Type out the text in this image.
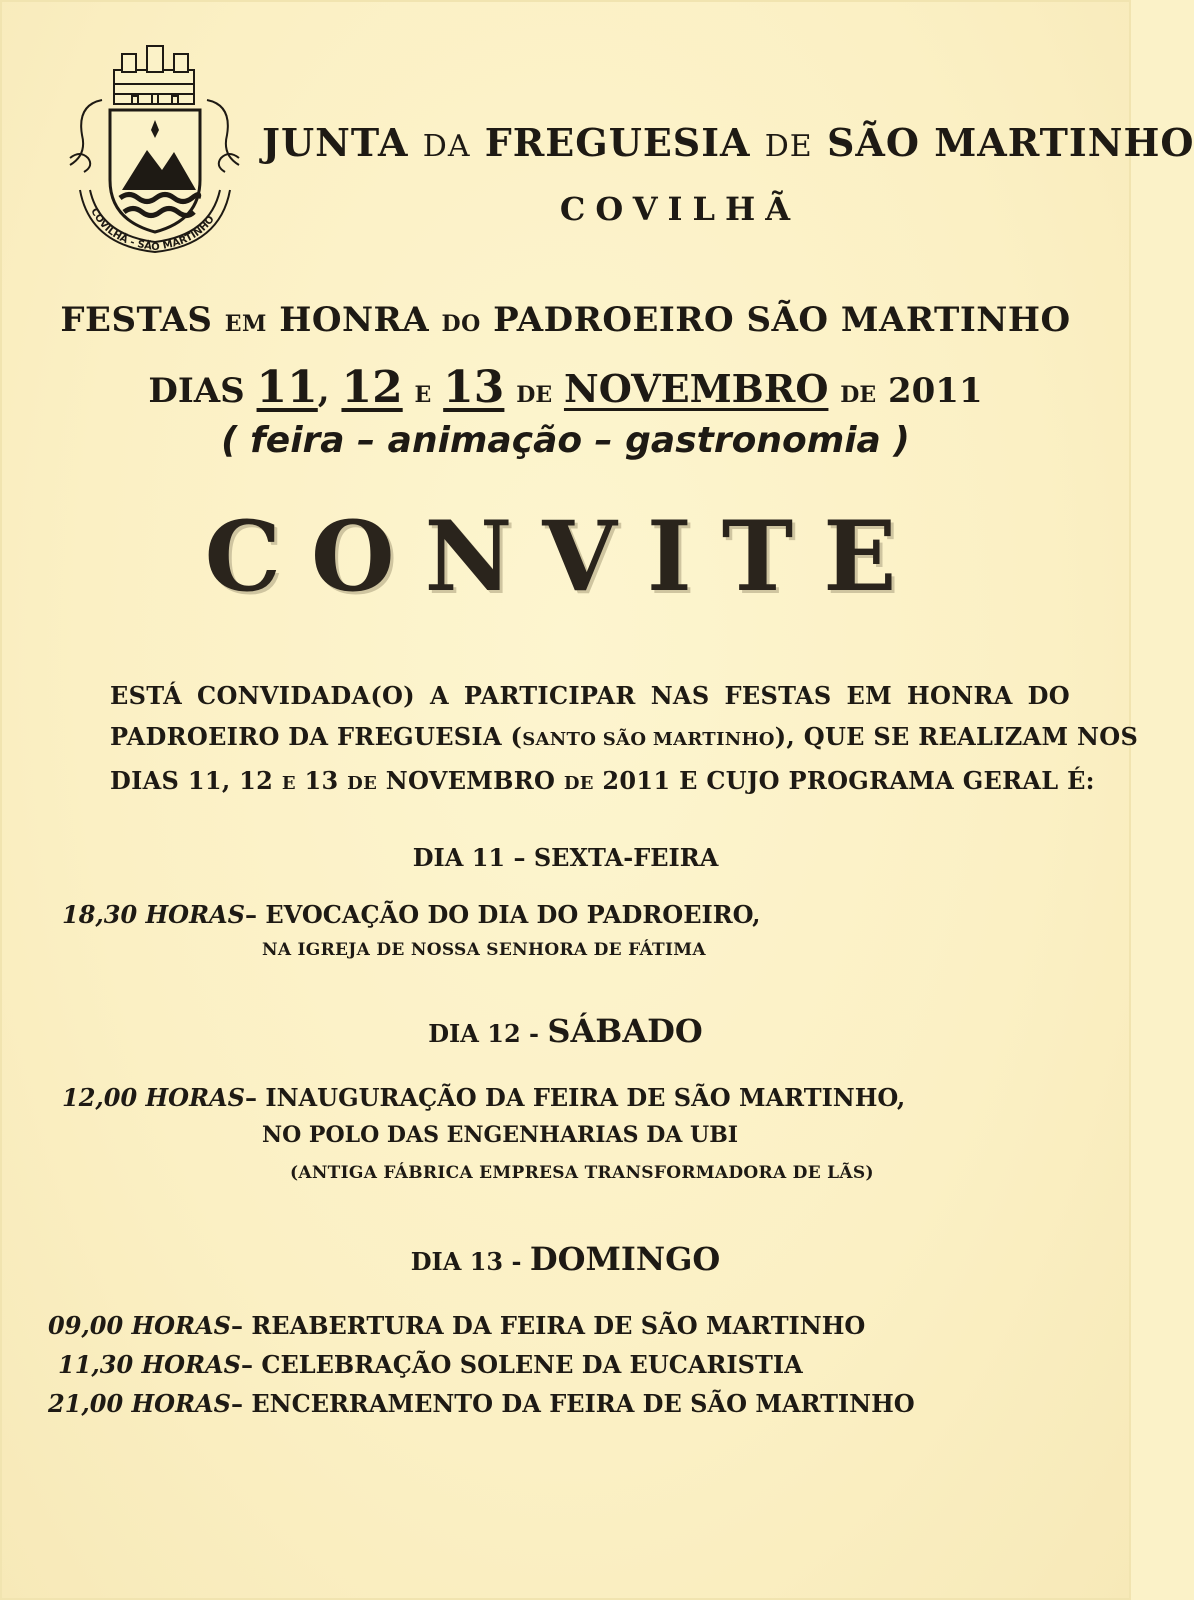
COVILHÃ - SÃO MARTINHO
JUNTA DA FREGUESIA DE SÃO MARTINHO
COVILHÃ
FESTAS EM HONRA DO PADROEIRO SÃO MARTINHO
DIAS 11, 12 E 13 DE NOVEMBRO DE 2011
( feira – animação – gastronomia )
CONVITE
ESTÁ CONVIDADA(O) A PARTICIPAR NAS FESTAS EM HONRA DO
PADROEIRO DA FREGUESIA (SANTO SÃO MARTINHO), QUE SE REALIZAM NOS
DIAS 11, 12 E 13 DE NOVEMBRO DE 2011 E CUJO PROGRAMA GERAL É:
DIA 11 – SEXTA-FEIRA
18,30 HORAS– EVOCAÇÃO DO DIA DO PADROEIRO,
NA IGREJA DE NOSSA SENHORA DE FÁTIMA
DIA 12 - SÁBADO
12,00 HORAS– INAUGURAÇÃO DA FEIRA DE SÃO MARTINHO,
NO POLO DAS ENGENHARIAS DA UBI
(ANTIGA FÁBRICA EMPRESA TRANSFORMADORA DE LÃS)
DIA 13 - DOMINGO
09,00 HORAS– REABERTURA DA FEIRA DE SÃO MARTINHO
11,30 HORAS– CELEBRAÇÃO SOLENE DA EUCARISTIA
21,00 HORAS– ENCERRAMENTO DA FEIRA DE SÃO MARTINHO
